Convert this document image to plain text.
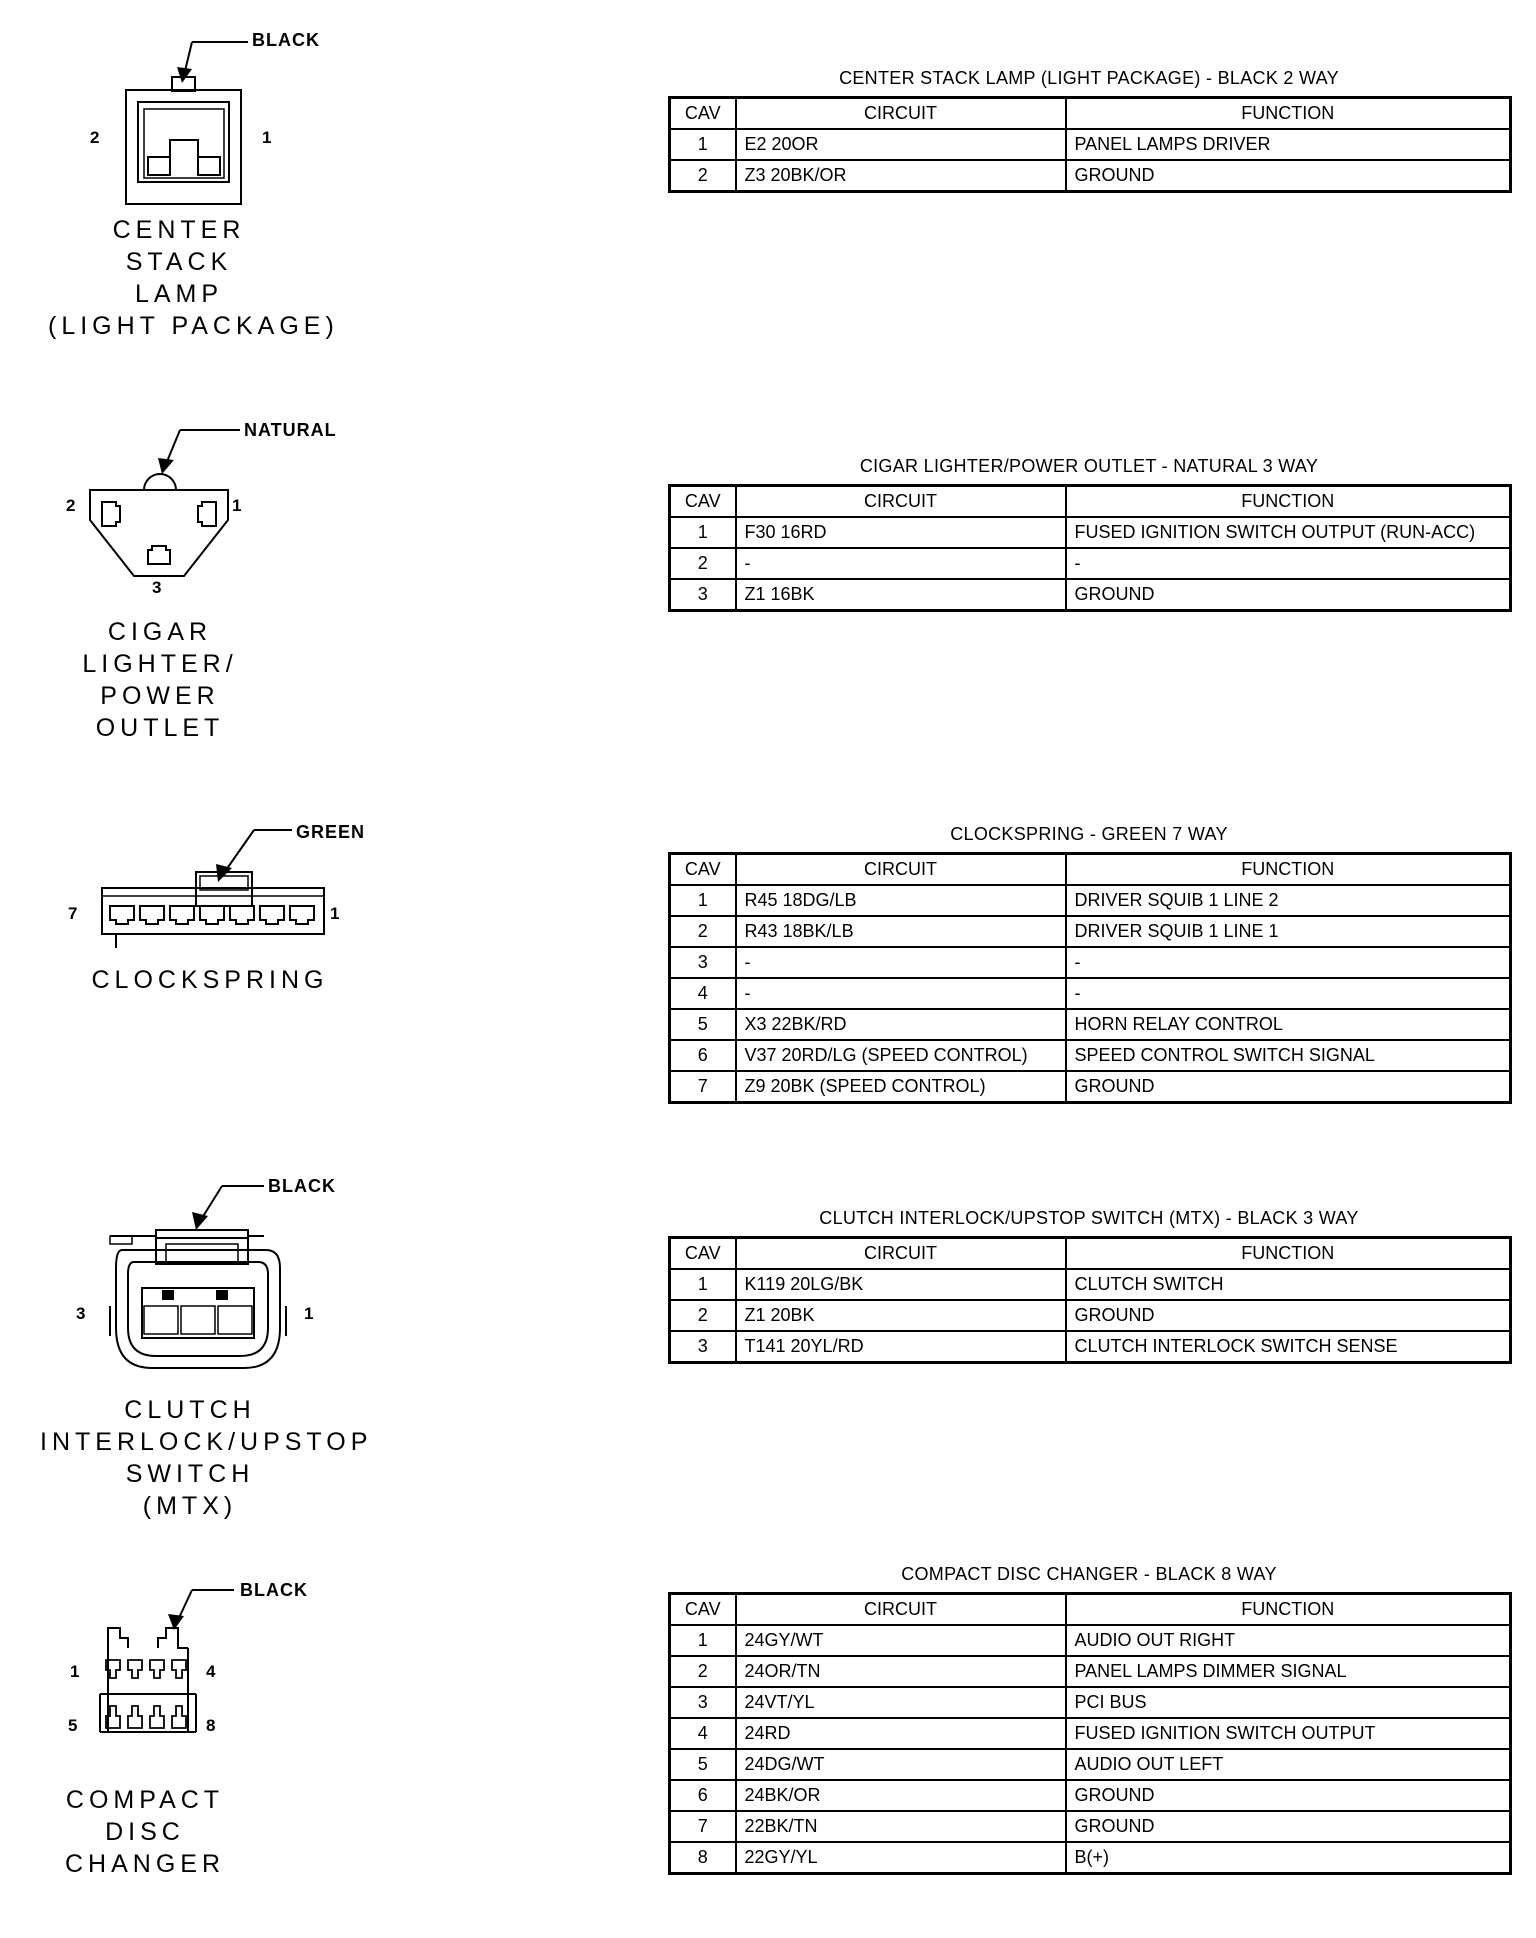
BLACK
2	1
CENTER
STACK
LAMP
(LIGHT PACKAGE)
CENTER STACK LAMP (LIGHT PACKAGE) - BLACK 2 WAY
CAV	CIRCUIT	FUNCTION
1	E2 20OR	PANEL LAMPS DRIVER
2	Z3 20BK/OR	GROUND
NATURAL
2	1
3
CIGAR
LIGHTER/
POWER
OUTLET
CIGAR LIGHTER/POWER OUTLET - NATURAL 3 WAY
CAV	CIRCUIT	FUNCTION
1	F30 16RD	FUSED IGNITION SWITCH OUTPUT (RUN-ACC)
2	-	-
3	Z1 16BK	GROUND
GREEN
7	1
CLOCKSPRING
CLOCKSPRING - GREEN 7 WAY
CAV	CIRCUIT	FUNCTION
1	R45 18DG/LB	DRIVER SQUIB 1 LINE 2
2	R43 18BK/LB	DRIVER SQUIB 1 LINE 1
3	-	-
4	-	-
5	X3 22BK/RD	HORN RELAY CONTROL
6	V37 20RD/LG (SPEED CONTROL)	SPEED CONTROL SWITCH SIGNAL
7	Z9 20BK (SPEED CONTROL)	GROUND
BLACK
3	1
CLUTCH
INTERLOCK/UPSTOP
SWITCH
(MTX)
CLUTCH INTERLOCK/UPSTOP SWITCH (MTX) - BLACK 3 WAY
CAV	CIRCUIT	FUNCTION
1	K119 20LG/BK	CLUTCH SWITCH
2	Z1 20BK	GROUND
3	T141 20YL/RD	CLUTCH INTERLOCK SWITCH SENSE
BLACK
1	4
5	8
COMPACT
DISC
CHANGER
COMPACT DISC CHANGER - BLACK 8 WAY
CAV	CIRCUIT	FUNCTION
1	24GY/WT	AUDIO OUT RIGHT
2	24OR/TN	PANEL LAMPS DIMMER SIGNAL
3	24VT/YL	PCI BUS
4	24RD	FUSED IGNITION SWITCH OUTPUT
5	24DG/WT	AUDIO OUT LEFT
6	24BK/OR	GROUND
7	22BK/TN	GROUND
8	22GY/YL	B(+)
